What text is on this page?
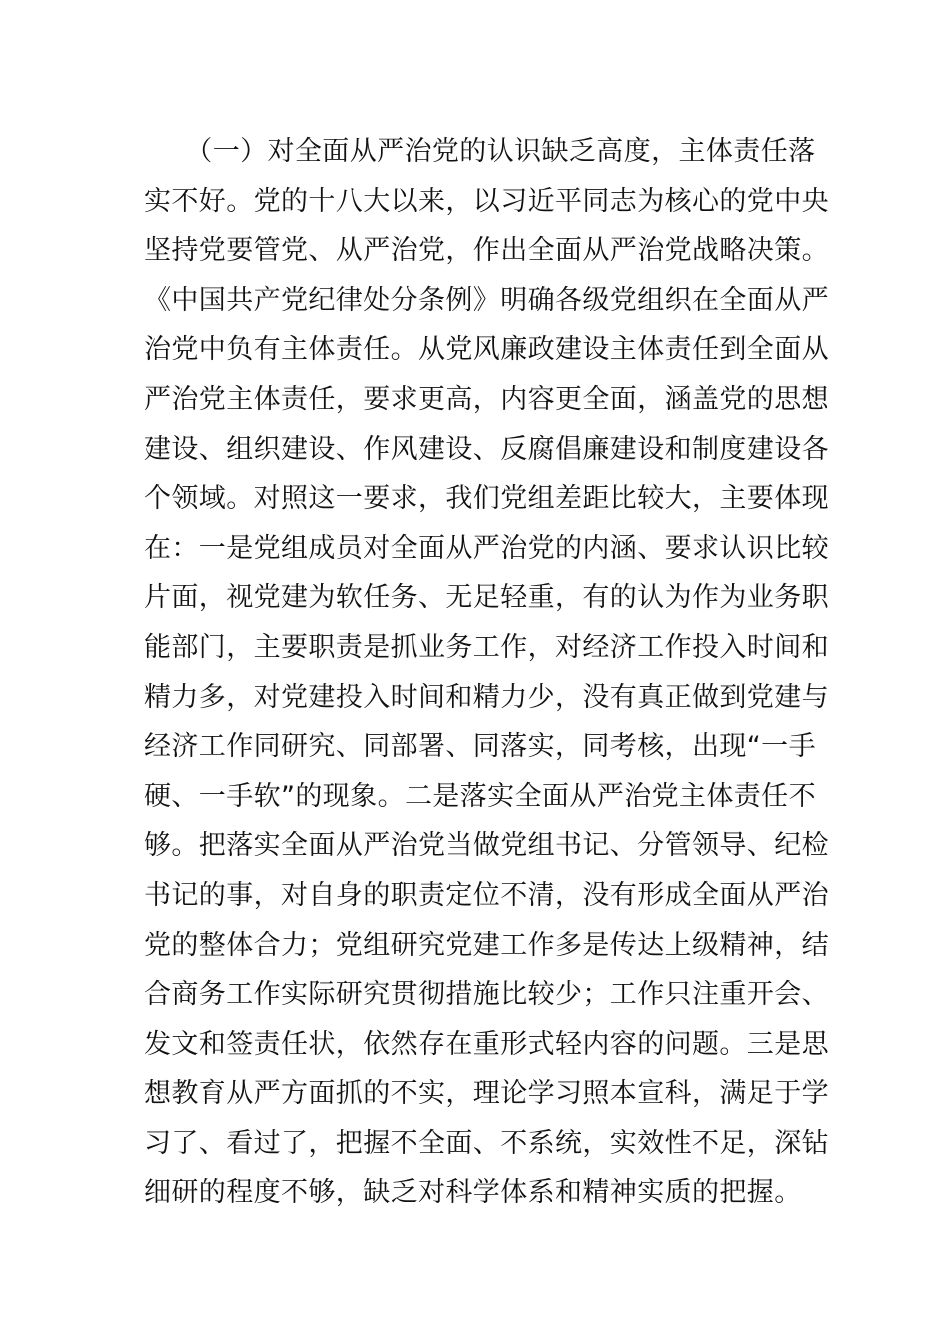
　　（一）对全面从严治党的认识缺乏高度，主体责任落
实不好。党的十八大以来，以习近平同志为核心的党中央
坚持党要管党、从严治党，作出全面从严治党战略决策。
《中国共产党纪律处分条例》明确各级党组织在全面从严
治党中负有主体责任。从党风廉政建设主体责任到全面从
严治党主体责任，要求更高，内容更全面，涵盖党的思想
建设、组织建设、作风建设、反腐倡廉建设和制度建设各
个领域。对照这一要求，我们党组差距比较大，主要体现
在：一是党组成员对全面从严治党的内涵、要求认识比较
片面，视党建为软任务、无足轻重，有的认为作为业务职
能部门，主要职责是抓业务工作，对经济工作投入时间和
精力多，对党建投入时间和精力少，没有真正做到党建与
经济工作同研究、同部署、同落实，同考核，出现“一手
硬、一手软”的现象。二是落实全面从严治党主体责任不
够。把落实全面从严治党当做党组书记、分管领导、纪检
书记的事，对自身的职责定位不清，没有形成全面从严治
党的整体合力；党组研究党建工作多是传达上级精神，结
合商务工作实际研究贯彻措施比较少；工作只注重开会、
发文和签责任状，依然存在重形式轻内容的问题。三是思
想教育从严方面抓的不实，理论学习照本宣科，满足于学
习了、看过了，把握不全面、不系统，实效性不足，深钻
细研的程度不够，缺乏对科学体系和精神实质的把握。
